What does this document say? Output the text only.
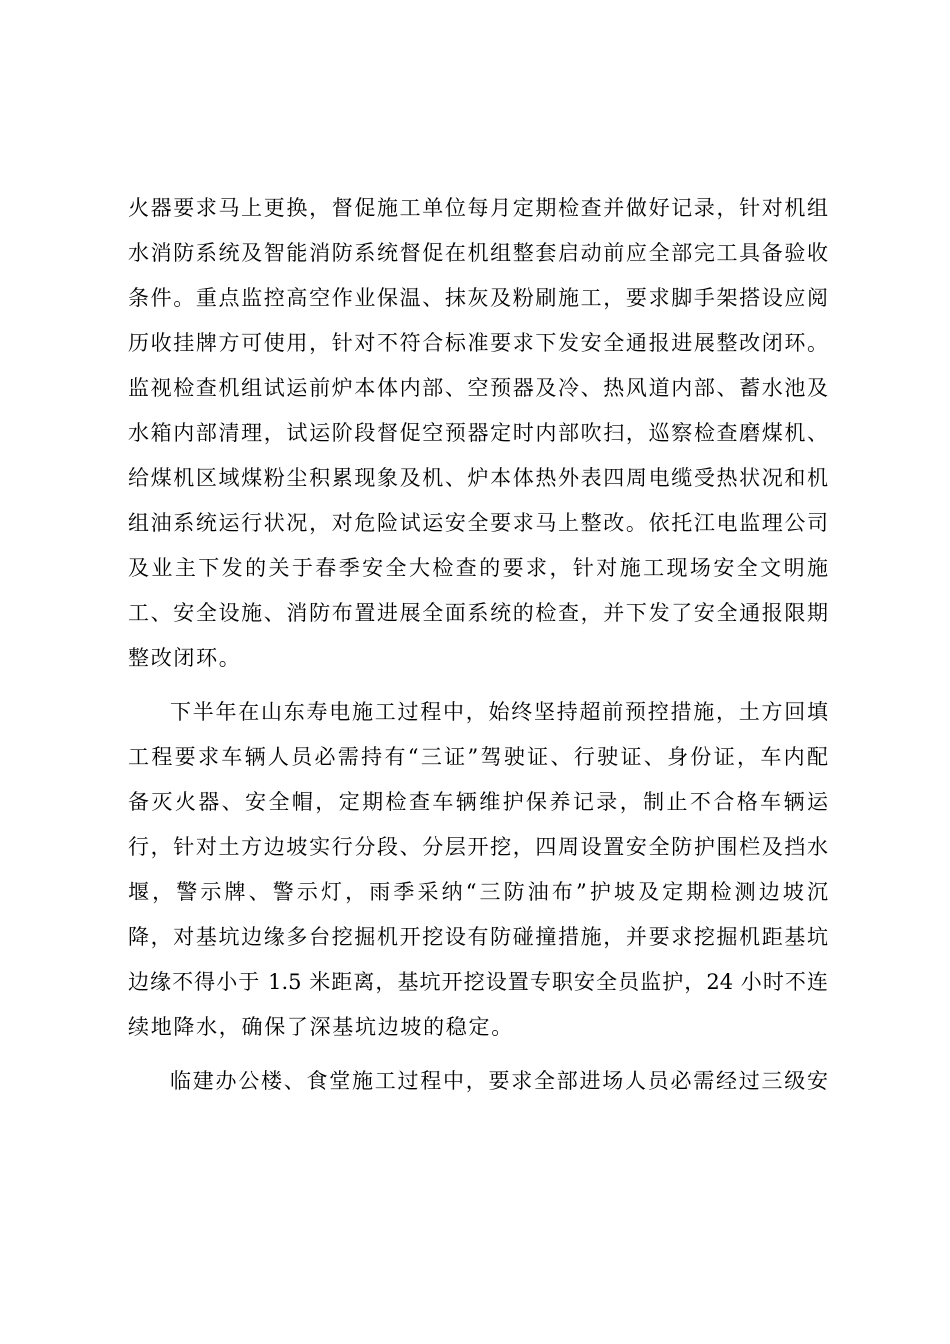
火器要求马上更换，督促施工单位每月定期检查并做好记录，针对机组
水消防系统及智能消防系统督促在机组整套启动前应全部完工具备验收
条件。重点监控高空作业保温、抹灰及粉刷施工，要求脚手架搭设应阅
历收挂牌方可使用，针对不符合标准要求下发安全通报进展整改闭环。
监视检查机组试运前炉本体内部、空预器及冷、热风道内部、蓄水池及
水箱内部清理，试运阶段督促空预器定时内部吹扫，巡察检查磨煤机、
给煤机区域煤粉尘积累现象及机、炉本体热外表四周电缆受热状况和机
组油系统运行状况，对危险试运安全要求马上整改。依托江电监理公司
及业主下发的关于春季安全大检查的要求，针对施工现场安全文明施
工、安全设施、消防布置进展全面系统的检查，并下发了安全通报限期
整改闭环。
下半年在山东寿电施工过程中，始终坚持超前预控措施，土方回填
工程要求车辆人员必需持有“三证”驾驶证、行驶证、身份证，车内配
备灭火器、安全帽，定期检查车辆维护保养记录，制止不合格车辆运
行，针对土方边坡实行分段、分层开挖，四周设置安全防护围栏及挡水
堰，警示牌、警示灯，雨季采纳“三防油布”护坡及定期检测边坡沉
降，对基坑边缘多台挖掘机开挖设有防碰撞措施，并要求挖掘机距基坑
边缘不得小于 1.5 米距离，基坑开挖设置专职安全员监护，24 小时不连
续地降水，确保了深基坑边坡的稳定。
临建办公楼、食堂施工过程中，要求全部进场人员必需经过三级安
